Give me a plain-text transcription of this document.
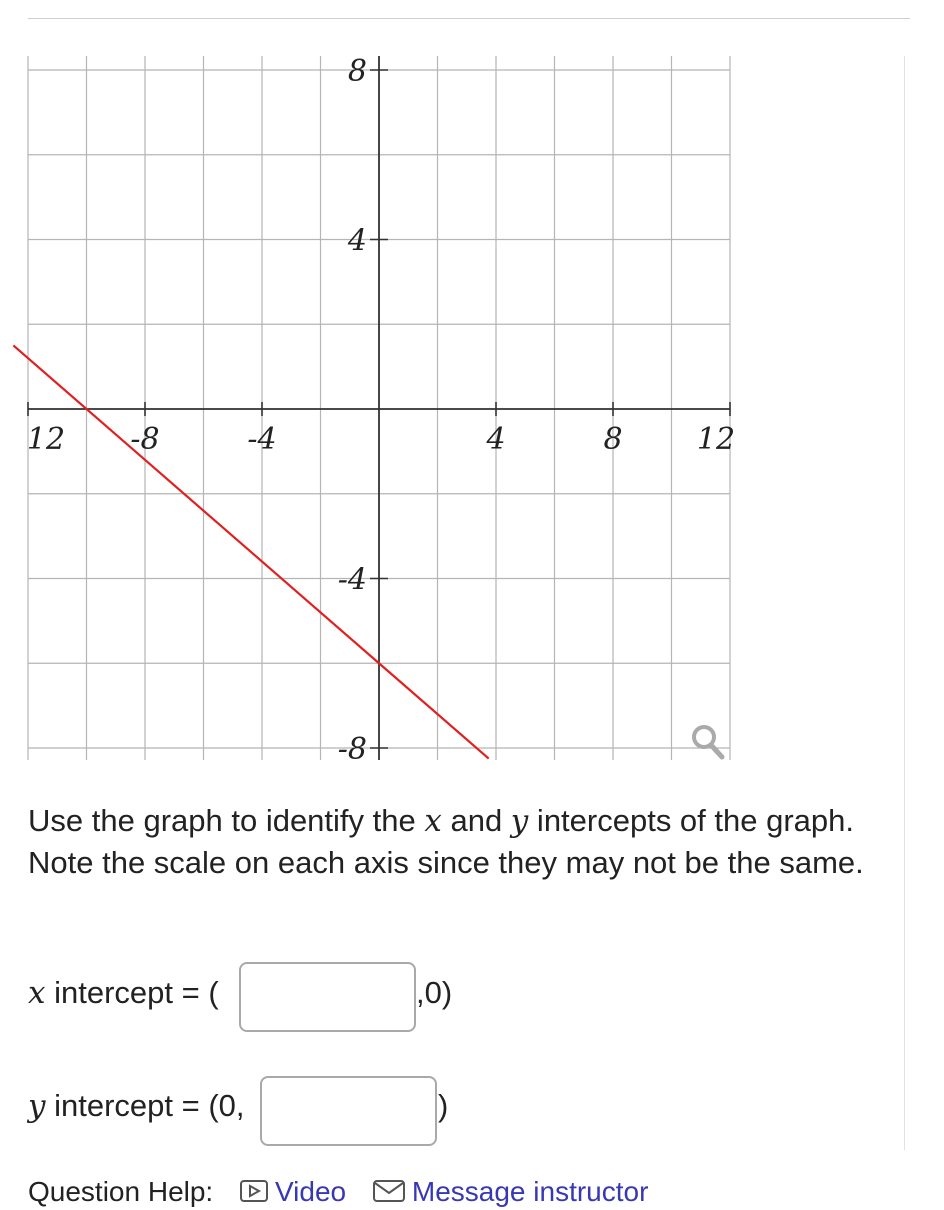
12 -8	-4	4	8 12
8
4
-4
-8

Use the graph to identify the 𝑥 and 𝑦 intercepts of the graph. Note the scale on each axis since they may not be the same.

𝑥 intercept = (	,0)
𝑦 intercept = (0,	)
Question Help: Video Message instructor
